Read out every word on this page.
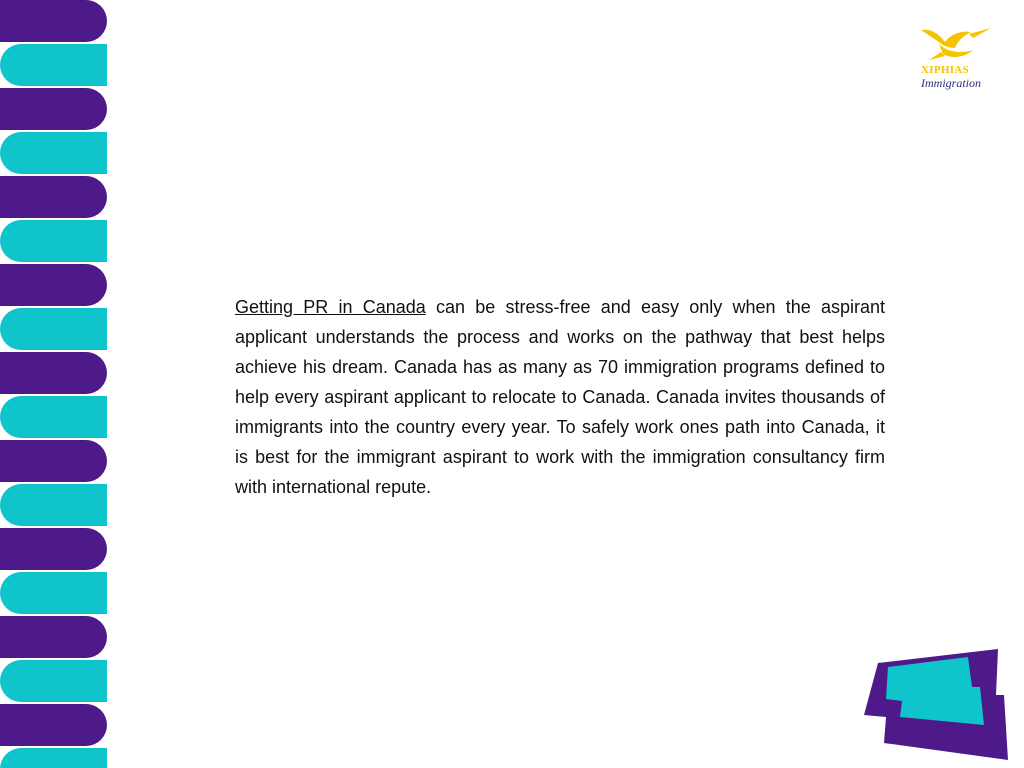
XIPHIAS
Immigration

Getting PR in Canada can be stress-free and easy only when the aspirant applicant understands the process and works on the pathway that best helps achieve his dream. Canada has as many as 70 immigration programs defined to help every aspirant applicant to relocate to Canada. Canada invites thousands of immigrants into the country every year. To safely work ones path into Canada, it is best for the immigrant aspirant to work with the immigration consultancy firm with international repute.
